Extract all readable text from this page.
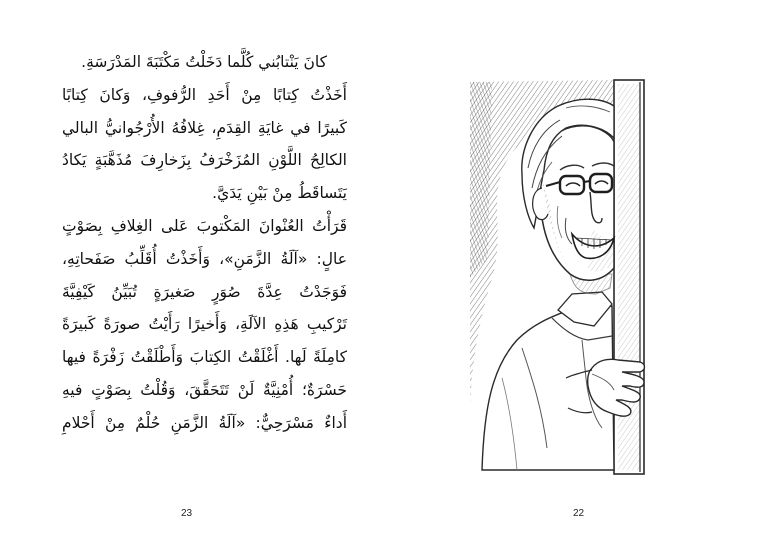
كانَ يَنْتابُني كُلَّما دَخَلْتُ مَكْتَبَةَ المَدْرَسَةِ.
أَخَذْتُ كِتابًا مِنْ أَحَدِ الرُّفوفِ، وَكانَ كِتابًا
كَبيرًا في غايَةِ القِدَمِ، غِلافُهُ الأُرْجُوانيُّ البالي
الكالِحُ اللَّوْنِ المُزَخْرَفُ بِزَخارِفَ مُذَهَّبَةٍ يَكادُ
يَتَساقَطُ مِنْ بَيْنِ يَدَيَّ.
قَرَأْتُ العُنْوانَ المَكْتوبَ عَلى الغِلافِ بِصَوْتٍ
عالٍ: «آلَةُ الزَّمَنِ»، وَأَخَذْتُ أُقَلِّبُ صَفَحاتِهِ،
فَوَجَدْتُ عِدَّةَ صُوَرٍ صَغيرَةٍ تُبَيِّنُ كَيْفِيَّةَ
تَرْكيبِ هَذِهِ الآلَةِ، وَأَخيرًا رَأَيْتُ صورَةً كَبيرَةً
كامِلَةً لَها. أَغْلَقْتُ الكِتابَ وَأَطْلَقْتُ زَفْرَةً فيها
حَسْرَةٌ؛ أُمْنِيَّةٌ لَنْ تَتَحَقَّقَ، وَقُلْتُ بِصَوْتٍ فيهِ
أَداءٌ مَسْرَحِيٌّ: «آلَةُ الزَّمَنِ حُلْمٌ مِنْ أَحْلامِ
23	22
